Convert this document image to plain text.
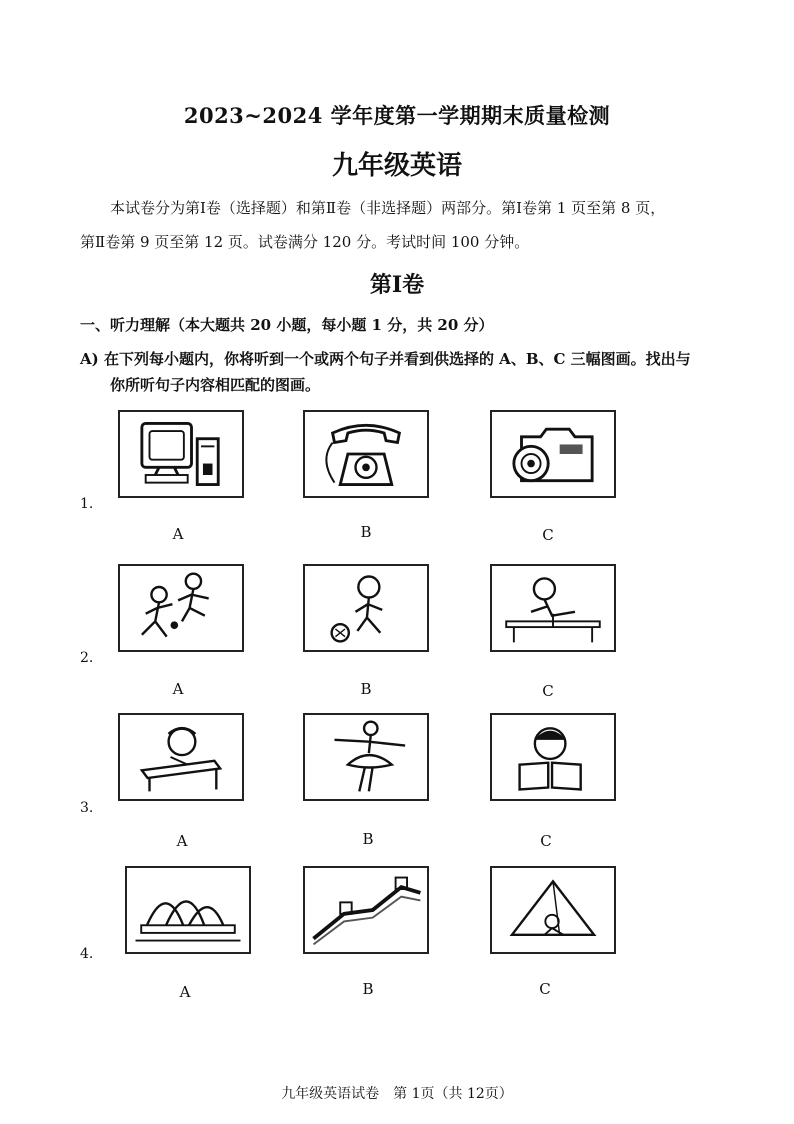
2023~2024 学年度第一学期期末质量检测
九年级英语
本试卷分为第Ⅰ卷（选择题）和第Ⅱ卷（非选择题）两部分。第Ⅰ卷第 1 页至第 8 页，
第Ⅱ卷第 9 页至第 12 页。试卷满分 120 分。考试时间 100 分钟。
第Ⅰ卷
一、听力理解（本大题共 20 小题，每小题 1 分，共 20 分）
A) 在下列每小题内，你将听到一个或两个句子并看到供选择的 A、B、C 三幅图画。找出与
你所听句子内容相匹配的图画。
1.
A	B	C
2.
A	B	C
3.
A	B	C
4.
A	B	C
九年级英语试卷　第 1页（共 12页）
